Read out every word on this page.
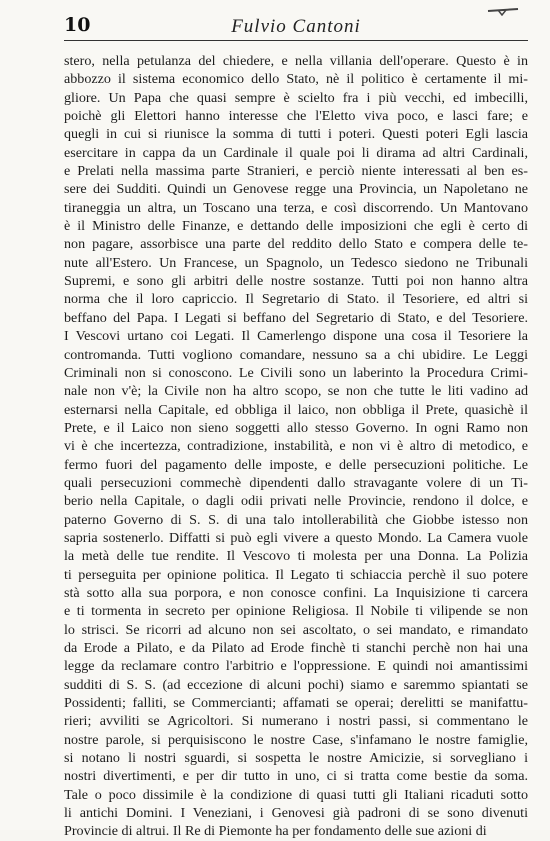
10	Fulvio Cantoni
stero, nella petulanza del chiedere, e nella villania dell'operare. Questo è in
abbozzo il sistema economico dello Stato, nè il politico è certamente il mi-
gliore. Un Papa che quasi sempre è scielto fra i più vecchi, ed imbecilli,
poichè gli Elettori hanno interesse che l'Eletto viva poco, e lasci fare; e
quegli in cui si riunisce la somma di tutti i poteri. Questi poteri Egli lascia
esercitare in cappa da un Cardinale il quale poi li dirama ad altri Cardinali,
e Prelati nella massima parte Stranieri, e perciò niente interessati al ben es-
sere dei Sudditi. Quindi un Genovese regge una Provincia, un Napoletano ne
tiraneggia un altra, un Toscano una terza, e così discorrendo. Un Mantovano
è il Ministro delle Finanze, e dettando delle imposizioni che egli è certo di
non pagare, assorbisce una parte del reddito dello Stato e compera delle te-
nute all'Estero. Un Francese, un Spagnolo, un Tedesco siedono ne Tribunali
Supremi, e sono gli arbitri delle nostre sostanze. Tutti poi non hanno altra
norma che il loro capriccio. Il Segretario di Stato. il Tesoriere, ed altri si
beffano del Papa. I Legati si beffano del Segretario di Stato, e del Tesoriere.
I Vescovi urtano coi Legati. Il Camerlengo dispone una cosa il Tesoriere la
contromanda. Tutti vogliono comandare, nessuno sa a chi ubidire. Le Leggi
Criminali non si conoscono. Le Civili sono un laberinto la Procedura Crimi-
nale non v'è; la Civile non ha altro scopo, se non che tutte le liti vadino ad
esternarsi nella Capitale, ed obbliga il laico, non obbliga il Prete, quasichè il
Prete, e il Laico non sieno soggetti allo stesso Governo. In ogni Ramo non
vi è che incertezza, contradizione, instabilità, e non vi è altro di metodico, e
fermo fuori del pagamento delle imposte, e delle persecuzioni politiche. Le
quali persecuzioni commechè dipendenti dallo stravagante volere di un Ti-
berio nella Capitale, o dagli odii privati nelle Provincie, rendono il dolce, e
paterno Governo di S. S. di una talo intollerabilità che Giobbe istesso non
sapria sostenerlo. Diffatti si può egli vivere a questo Mondo. La Camera vuole
la metà delle tue rendite. Il Vescovo ti molesta per una Donna. La Polizia
ti perseguita per opinione politica. Il Legato ti schiaccia perchè il suo potere
stà sotto alla sua porpora, e non conosce confini. La Inquisizione ti carcera
e ti tormenta in secreto per opinione Religiosa. Il Nobile ti vilipende se non
lo strisci. Se ricorri ad alcuno non sei ascoltato, o sei mandato, e rimandato
da Erode a Pilato, e da Pilato ad Erode finchè ti stanchi perchè non hai una
legge da reclamare contro l'arbitrio e l'oppressione. E quindi noi amantissimi
sudditi di S. S. (ad eccezione di alcuni pochi) siamo e saremmo spiantati se
Possidenti; falliti, se Commercianti; affamati se operai; derelitti se manifattu-
rieri; avviliti se Agricoltori. Si numerano i nostri passi, si commentano le
nostre parole, si perquisiscono le nostre Case, s'infamano le nostre famiglie,
si notano li nostri sguardi, si sospetta le nostre Amicizie, si sorvegliano i
nostri divertimenti, e per dir tutto in uno, ci si tratta come bestie da soma.
Tale o poco dissimile è la condizione di quasi tutti gli Italiani ricaduti sotto
li antichi Domini. I Veneziani, i Genovesi già padroni di se sono divenuti
Provincie di altrui. Il Re di Piemonte ha per fondamento delle sue azioni di
